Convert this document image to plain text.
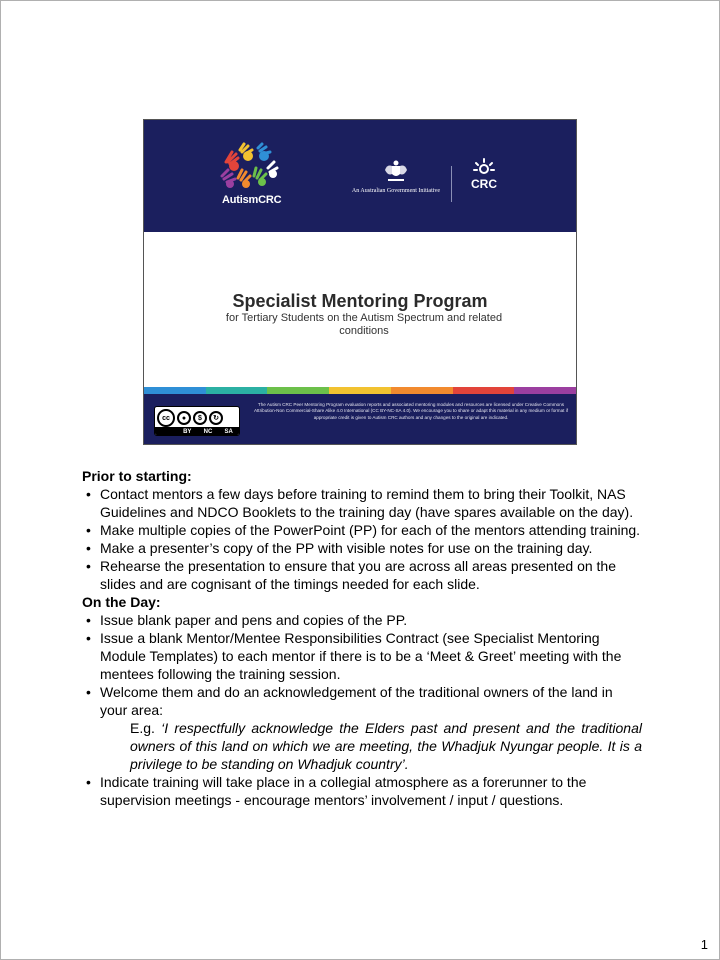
AutismCRC
An Australian Government Initiative	CRC
Specialist Mentoring Program
for Tertiary Students on the Autism Spectrum and related conditions
cc	●	$	↻
BY NC SA
The Autism CRC Peer Mentoring Program evaluation reports and associated mentoring modules and resources are licensed under Creative Commons Attribution-Non Commercial-Share Alike 4.0 International (CC BY-NC-SA 4.0). We encourage you to share or adapt this material in any medium or format if appropriate credit is given to Autism CRC authors and any changes to the original are indicated.
Prior to starting:
• Contact mentors a few days before training to remind them to bring their Toolkit, NAS Guidelines and NDCO Booklets to the training day (have spares available on the day).
• Make multiple copies of the PowerPoint (PP) for each of the mentors attending training.
• Make a presenter’s copy of the PP with visible notes for use on the training day.
• Rehearse the presentation to ensure that you are across all areas presented on the slides and are cognisant of the timings needed for each slide.
On the Day:
• Issue blank paper and pens and copies of the PP.
• Issue a blank Mentor/Mentee Responsibilities Contract (see Specialist Mentoring Module Templates) to each mentor if there is to be a ‘Meet & Greet’ meeting with the mentees following the training session.
• Welcome them and do an acknowledgement of the traditional owners of the land in your area:
E.g. ‘I respectfully acknowledge the Elders past and present and the traditional owners of this land on which we are meeting, the Whadjuk Nyungar people. It is a privilege to be standing on Whadjuk country’.
• Indicate training will take place in a collegial atmosphere as a forerunner to the supervision meetings - encourage mentors’ involvement / input / questions.
1
